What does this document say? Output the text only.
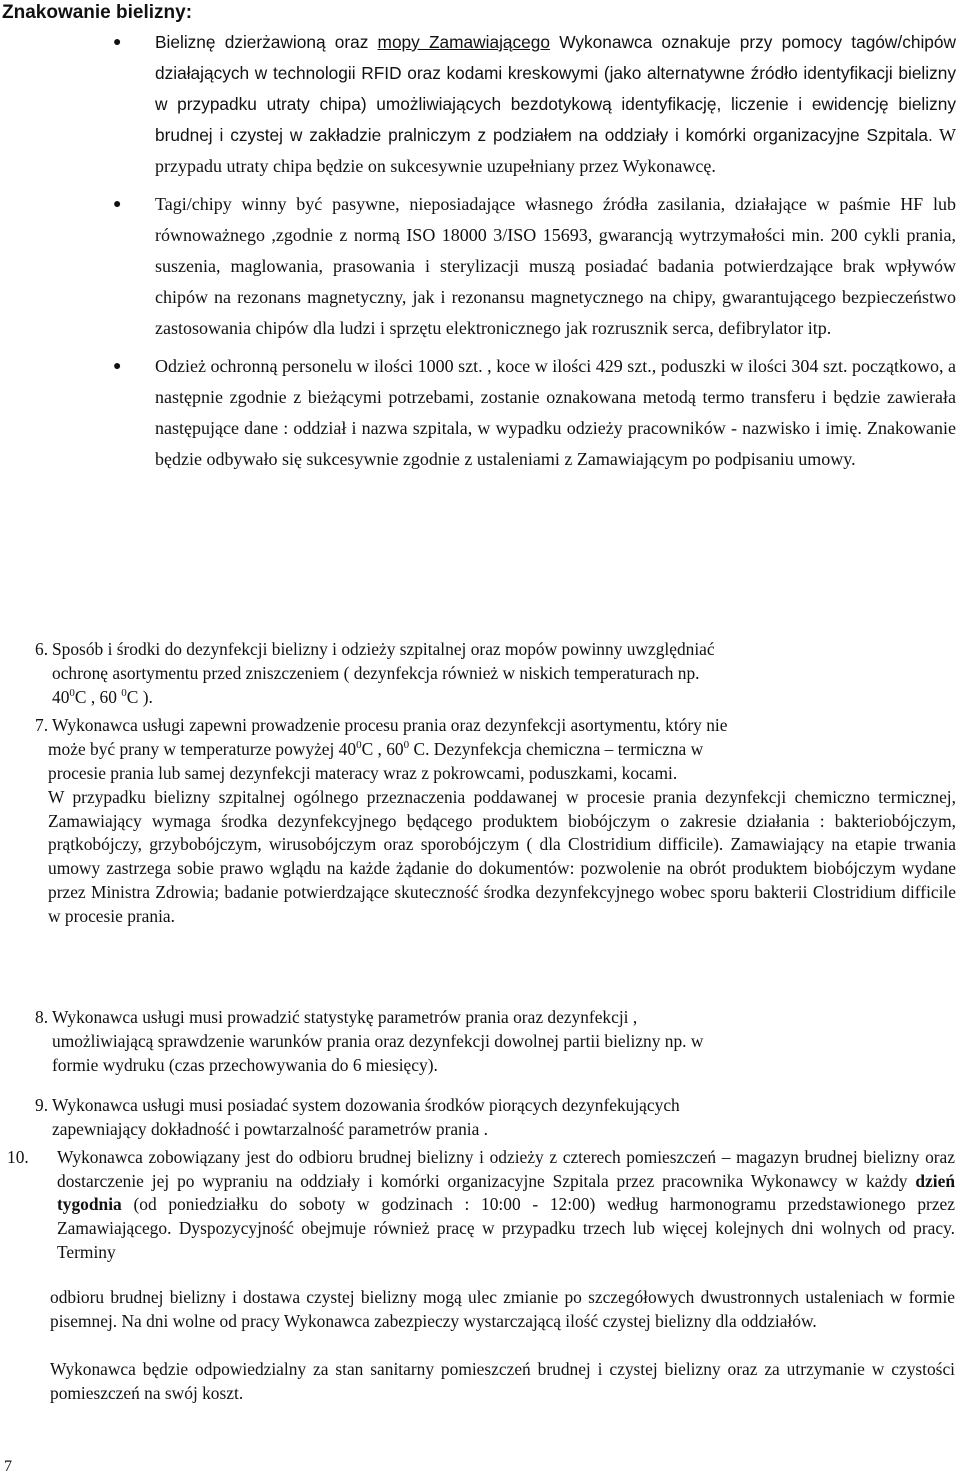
Znakowanie bielizny:
● Bieliznę dzierżawioną oraz mopy Zamawiającego Wykonawca oznakuje przy pomocy tagów/chipów działających w technologii RFID oraz kodami kreskowymi (jako alternatywne źródło identyfikacji bielizny w przypadku utraty chipa) umożliwiających bezdotykową identyfikację, liczenie i ewidencję bielizny brudnej i czystej w zakładzie pralniczym z podziałem na oddziały i komórki organizacyjne Szpitala. W przypadu utraty chipa będzie on sukcesywnie uzupełniany przez Wykonawcę.
● Tagi/chipy winny być pasywne, nieposiadające własnego źródła zasilania, działające w paśmie HF lub równoważnego ,zgodnie z normą ISO 18000 3/ISO 15693, gwarancją wytrzymałości min. 200 cykli prania, suszenia, maglowania, prasowania i sterylizacji muszą posiadać badania potwierdzające brak wpływów chipów na rezonans magnetyczny, jak i rezonansu magnetycznego na chipy, gwarantującego bezpieczeństwo zastosowania chipów dla ludzi i sprzętu elektronicznego jak rozrusznik serca, defibrylator itp.
● Odzież ochronną personelu w ilości 1000 szt. , koce w ilości 429 szt., poduszki w ilości 304 szt. początkowo, a następnie zgodnie z bieżącymi potrzebami, zostanie oznakowana metodą termo transferu i będzie zawierała następujące dane : oddział i nazwa szpitala, w wypadku odzieży pracowników - nazwisko i imię. Znakowanie będzie odbywało się sukcesywnie zgodnie z ustaleniami z Zamawiającym po podpisaniu umowy.
6. Sposób i środki do dezynfekcji bielizny i odzieży szpitalnej oraz mopów powinny uwzględniać
ochronę asortymentu przed zniszczeniem ( dezynfekcja również w niskich temperaturach np.
$40^0C$ , 60 $^0$C ).
7. Wykonawca usługi zapewni prowadzenie procesu prania oraz dezynfekcji asortymentu, który nie
może być prany w temperaturze powyżej $40^0C$ , $60^0$ C. Dezynfekcja chemiczna – termiczna w
procesie prania lub samej dezynfekcji materacy wraz z pokrowcami, poduszkami, kocami.
W przypadku bielizny szpitalnej ogólnego przeznaczenia poddawanej w procesie prania dezynfekcji chemiczno termicznej, Zamawiający wymaga środka dezynfekcyjnego będącego produktem biobójczym o zakresie działania : bakteriobójczym, prątkobójczy, grzybobójczym, wirusobójczym oraz sporobójczym ( dla Clostridium difficile). Zamawiający na etapie trwania umowy zastrzega sobie prawo wglądu na każde żądanie do dokumentów: pozwolenie na obrót produktem biobójczym wydane przez Ministra Zdrowia; badanie potwierdzające skuteczność środka dezynfekcyjnego wobec sporu bakterii Clostridium difficile w procesie prania.
8. Wykonawca usługi musi prowadzić statystykę parametrów prania oraz dezynfekcji ,
umożliwiającą sprawdzenie warunków prania oraz dezynfekcji dowolnej partii bielizny np. w
formie wydruku (czas przechowywania do 6 miesięcy).
9. Wykonawca usługi musi posiadać system dozowania środków piorących dezynfekujących
zapewniający dokładność i powtarzalność parametrów prania .
10. Wykonawca zobowiązany jest do odbioru brudnej bielizny i odzieży z czterech pomieszczeń – magazyn brudnej bielizny oraz dostarczenie jej po wypraniu na oddziały i komórki organizacyjne Szpitala przez pracownika Wykonawcy w każdy dzień tygodnia (od poniedziałku do soboty w godzinach : 10:00 - 12:00) według harmonogramu przedstawionego przez Zamawiającego. Dyspozycyjność obejmuje również pracę w przypadku trzech lub więcej kolejnych dni wolnych od pracy. Terminy
odbioru brudnej bielizny i dostawa czystej bielizny mogą ulec zmianie po szczegółowych dwustronnych ustaleniach w formie pisemnej. Na dni wolne od pracy Wykonawca zabezpieczy wystarczającą ilość czystej bielizny dla oddziałów.
Wykonawca będzie odpowiedzialny za stan sanitarny pomieszczeń brudnej i czystej bielizny oraz za utrzymanie w czystości pomieszczeń na swój koszt.
7
